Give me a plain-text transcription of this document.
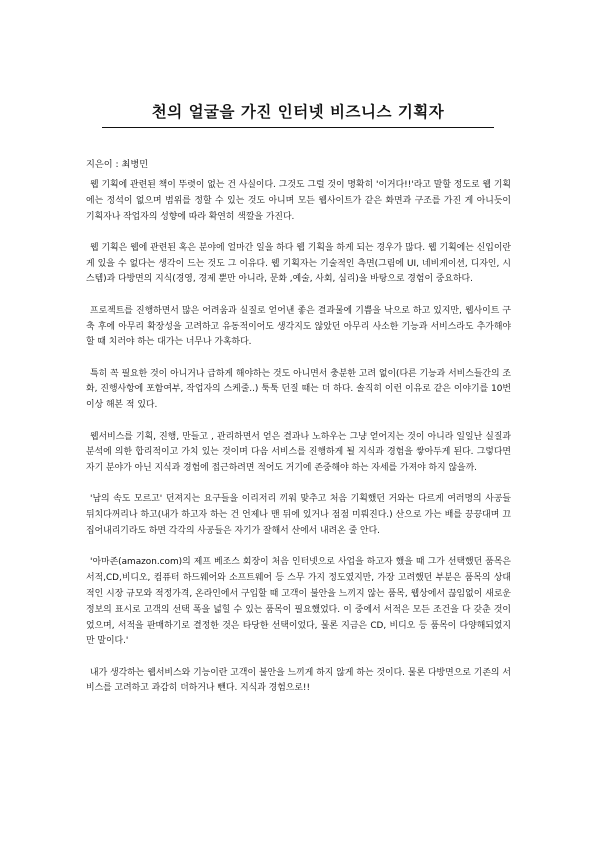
천의 얼굴을 가진 인터넷 비즈니스 기획자

지은이 : 최병민

웹 기획에 관련된 책이 뚜렷이 없는 건 사실이다. 그것도 그럴 것이 명확히 '이거다!!'라고 말할 정도로 웹 기획에는 정석이 없으며 범위를 정할 수 있는 것도 아니며 모든 웹사이트가 같은 화면과 구조를 가진 게 아니듯이 기획자나 작업자의 성향에 따라 확연히 색깔을 가진다.

웹 기획은 웹에 관련된 혹은 분야에 얼마간 일을 하다 웹 기획을 하게 되는 경우가 많다. 웹 기획에는 신입이란 게 있을 수 없다는 생각이 드는 것도 그 이유다. 웹 기획자는 기술적인 측면(그림에 UI, 네비게이션, 디자인, 시스템)과 다방면의 지식(경영, 경제 뿐만 아니라, 문화 ,예술, 사회, 심리)을 바탕으로 경험이 중요하다.

프로젝트를 진행하면서 많은 어려움과 실질로 얻어낸 좋은 결과물에 기쁨을 낙으로 하고 있지만, 웹사이트 구축 후에 아무리 확장성을 고려하고 유동적이어도 생각지도 않았던 아무리 사소한 기능과 서비스라도 추가해야 할 때 치러야 하는 대가는 너무나 가혹하다.

특히 꼭 필요한 것이 아니거나 급하게 해야하는 것도 아니면서 충분한 고려 없이(다른 기능과 서비스들간의 조화, 진행사항에 포함여부, 작업자의 스케줄..) 툭툭 던질 때는 더 하다. 솔직히 이런 이유로 같은 이야기를 10번 이상 해본 적 있다.

웹서비스를 기획, 진행, 만들고 , 관리하면서 얻은 결과나 노하우는 그냥 얻어지는 것이 아니라 일일난 실질과 분석에 의한 합리적이고 가치 있는 것이며 다음 서비스를 진행하게 될 지식과 경험을 쌓아두게 된다. 그렇다면 자기 분야가 아닌 지식과 경험에 접근하려면 적어도 거기에 존중해야 하는 자세를 가져야 하지 않을까.

'남의 속도 모르고' 던져지는 요구들을 이리저리 끼워 맞추고 처음 기획했던 거와는 다르게 여러명의 사공들 뒤치다꺼리나 하고(내가 하고자 하는 건 언제나 맨 뒤에 있거나 점점 미뤄진다.) 산으로 가는 배를 끙끙대며 끄집어내리기라도 하면 각각의 사공들은 자기가 잘해서 산에서 내려온 줄 안다.

'아마존(amazon.com)의 제프 베조스 회장이 처음 인터넷으로 사업을 하고자 했을 때 그가 선택했던 품목은 서적,CD,비디오, 컴퓨터 하드웨어와 소프트웨어 등 스무 가지 정도였지만, 가장 고려했던 부분은 품목의 상대적인 시장 규모와 적정가격, 온라인에서 구입할 때 고객이 불안을 느끼지 않는 품목, 웹상에서 끊임없이 새로운 정보의 표시로 고객의 선택 폭을 넓힐 수 있는 품목이 필요했었다. 이 중에서 서적은 모든 조건을 다 갖춘 것이었으며, 서적을 판매하기로 결정한 것은 타당한 선택이었다, 물론 지금은 CD, 비디오 등 품목이 다양해되었지만 말이다.'

내가 생각하는 웹서비스와 기능이란 고객이 불안을 느끼게 하지 않게 하는 것이다. 물론 다방면으로 기존의 서비스를 고려하고 과감히 더하거나 뺀다. 지식과 경험으로!!
